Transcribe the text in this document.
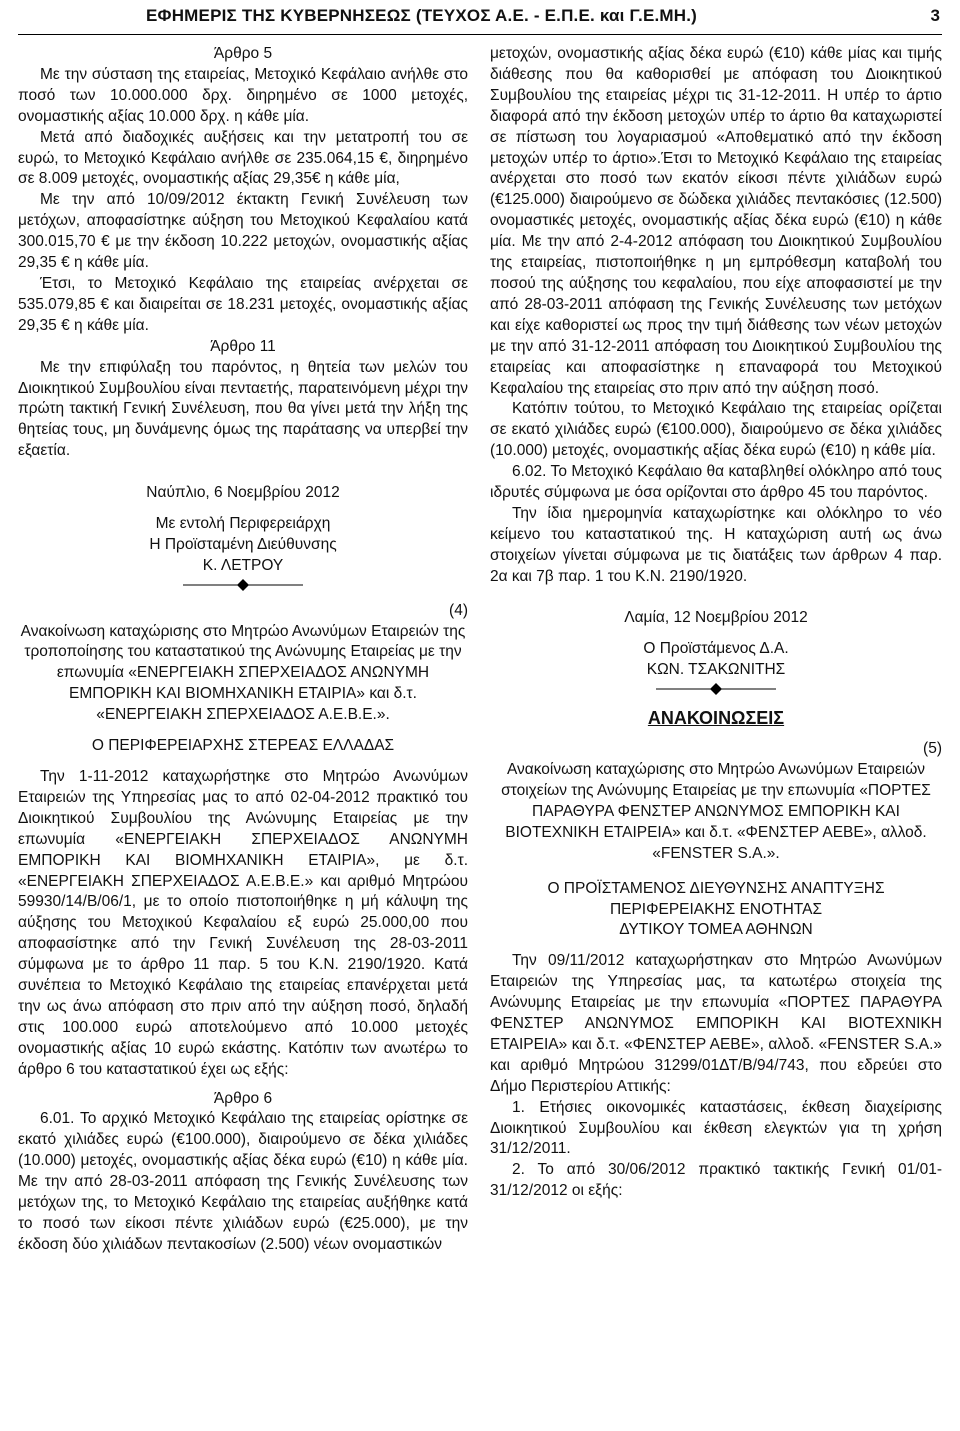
ΕΦΗΜΕΡΙΣ ΤΗΣ ΚΥΒΕΡΝΗΣΕΩΣ (ΤΕΥΧΟΣ Α.Ε. - Ε.Π.Ε. και Γ.Ε.ΜΗ.)	3

Άρθρο 5

Με την σύσταση της εταιρείας, Μετοχικό Κεφάλαιο ανήλθε στο ποσό των 10.000.000 δρχ. διηρημένο σε 1000 μετοχές, ονομαστικής αξίας 10.000 δρχ. η κάθε μία.

Μετά από διαδοχικές αυξήσεις και την μετατροπή του σε ευρώ, το Μετοχικό Κεφάλαιο ανήλθε σε 235.064,15 €, διηρημένο σε 8.009 μετοχές, ονομαστικής αξίας 29,35€ η κάθε μία,

Με την από 10/09/2012 έκτακτη Γενική Συνέλευση των μετόχων, αποφασίστηκε αύξηση του Μετοχικού Κεφαλαίου κατά 300.015,70 € με την έκδοση 10.222 μετοχών, ονομαστικής αξίας 29,35 € η κάθε μία.

Έτσι, το Μετοχικό Κεφάλαιο της εταιρείας ανέρχεται σε 535.079,85 € και διαιρείται σε 18.231 μετοχές, ονομαστικής αξίας 29,35 € η κάθε μία.

Άρθρο 11

Με την επιφύλαξη του παρόντος, η θητεία των μελών του Διοικητικού Συμβουλίου είναι πενταετής, παρατεινόμενη μέχρι την πρώτη τακτική Γενική Συνέλευση, που θα γίνει μετά την λήξη της θητείας τους, μη δυνάμενης όμως της παράτασης να υπερβεί την εξαετία.

Ναύπλιο, 6 Νοεμβρίου 2012

Με εντολή Περιφερειάρχη

Η Προϊσταμένη Διεύθυνσης

Κ. ΛΕΤΡΟΥ

(4)

Ανακοίνωση καταχώρισης στο Μητρώο Ανωνύμων Εταιρειών της τροποποίησης του καταστατικού της Ανώνυμης Εταιρείας με την επωνυμία «ΕΝΕΡΓΕΙΑΚΗ ΣΠΕΡΧΕΙΑΔΟΣ ΑΝΩΝΥΜΗ ΕΜΠΟΡΙΚΗ ΚΑΙ ΒΙΟΜΗΧΑΝΙΚΗ ΕΤΑΙΡΙΑ» και δ.τ. «ΕΝΕΡΓΕΙΑΚΗ ΣΠΕΡΧΕΙΑΔΟΣ Α.Ε.Β.Ε.».

Ο ΠΕΡΙΦΕΡΕΙΑΡΧΗΣ ΣΤΕΡΕΑΣ ΕΛΛΑΔΑΣ

Την 1-11-2012 καταχωρήστηκε στο Μητρώο Ανωνύμων Εταιρειών της Υπηρεσίας μας το από 02-04-2012 πρακτικό του Διοικητικού Συμβουλίου της Ανώνυμης Εταιρείας με την επωνυμία «ΕΝΕΡΓΕΙΑΚΗ ΣΠΕΡΧΕΙΑΔΟΣ ΑΝΩΝΥΜΗ ΕΜΠΟΡΙΚΗ ΚΑΙ ΒΙΟΜΗΧΑΝΙΚΗ ΕΤΑΙΡΙΑ», με δ.τ. «ΕΝΕΡΓΕΙΑΚΗ ΣΠΕΡΧΕΙΑΔΟΣ Α.Ε.Β.Ε.» και αριθμό Μητρώου 59930/14/Β/06/1, με το οποίο πιστοποιήθηκε η μή κάλυψη της αύξησης του Μετοχικού Κεφαλαίου εξ ευρώ 25.000,00 που αποφασίστηκε από την Γενική Συνέλευση της 28-03-2011 σύμφωνα με το άρθρο 11 παρ. 5 του Κ.Ν. 2190/1920. Κατά συνέπεια το Μετοχικό Κεφάλαιο της εταιρείας επανέρχεται μετά την ως άνω απόφαση στο πριν από την αύξηση ποσό, δηλαδή στις 100.000 ευρώ αποτελούμενο από 10.000 μετοχές ονομαστικής αξίας 10 ευρώ εκάστης. Κατόπιν των ανωτέρω το άρθρο 6 του καταστατικού έχει ως εξής:

Άρθρο 6

6.01. Το αρχικό Μετοχικό Κεφάλαιο της εταιρείας ορίστηκε σε εκατό χιλιάδες ευρώ (€100.000), διαιρούμενο σε δέκα χιλιάδες (10.000) μετοχές, ονομαστικής αξίας δέκα ευρώ (€10) η κάθε μία. Με την από 28-03-2011 απόφαση της Γενικής Συνέλευσης των μετόχων της, το Μετοχικό Κεφάλαιο της εταιρείας αυξήθηκε κατά το ποσό των είκοσι πέντε χιλιάδων ευρώ (€25.000), με την έκδοση δύο χιλιάδων πεντακοσίων (2.500) νέων ονομαστικών

μετοχών, ονομαστικής αξίας δέκα ευρώ (€10) κάθε μίας και τιμής διάθεσης που θα καθορισθεί με απόφαση του Διοικητικού Συμβουλίου της εταιρείας μέχρι τις 31-12-2011. Η υπέρ το άρτιο διαφορά από την έκδοση μετοχών υπέρ το άρτιο θα καταχωριστεί σε πίστωση του λογαριασμού «Αποθεματικό από την έκδοση μετοχών υπέρ το άρτιο».Έτσι το Μετοχικό Κεφάλαιο της εταιρείας ανέρχεται στο ποσό των εκατόν είκοσι πέντε χιλιάδων ευρώ (€125.000) διαιρούμενο σε δώδεκα χιλιάδες πεντακόσιες (12.500) ονομαστικές μετοχές, ονομαστικής αξίας δέκα ευρώ (€10) η κάθε μία. Με την από 2-4-2012 απόφαση του Διοικητικού Συμβουλίου της εταιρείας, πιστοποιήθηκε η μη εμπρόθεσμη καταβολή του ποσού της αύξησης του κεφαλαίου, που είχε αποφασιστεί με την από 28-03-2011 απόφαση της Γενικής Συνέλευσης των μετόχων και είχε καθοριστεί ως προς την τιμή διάθεσης των νέων μετοχών με την από 31-12-2011 απόφαση του Διοικητικού Συμβουλίου της εταιρείας και αποφασίστηκε η επαναφορά του Μετοχικού Κεφαλαίου της εταιρείας στο πριν από την αύξηση ποσό.

Κατόπιν τούτου, το Μετοχικό Κεφάλαιο της εταιρείας ορίζεται σε εκατό χιλιάδες ευρώ (€100.000), διαιρούμενο σε δέκα χιλιάδες (10.000) μετοχές, ονομαστικής αξίας δέκα ευρώ (€10) η κάθε μία.

6.02. Το Μετοχικό Κεφάλαιο θα καταβληθεί ολόκληρο από τους ιδρυτές σύμφωνα με όσα ορίζονται στο άρθρο 45 του παρόντος.

Την ίδια ημερομηνία καταχωρίστηκε και ολόκληρο το νέο κείμενο του καταστατικού της. Η καταχώριση αυτή ως άνω στοιχείων γίνεται σύμφωνα με τις διατάξεις των άρθρων 4 παρ. 2α και 7β παρ. 1 του Κ.Ν. 2190/1920.

Λαμία, 12 Νοεμβρίου 2012

Ο Προϊστάμενος Δ.Α.

ΚΩΝ. ΤΣΑΚΩΝΙΤΗΣ

ΑΝΑΚΟΙΝΩΣΕΙΣ

(5)

Ανακοίνωση καταχώρισης στο Μητρώο Ανωνύμων Εταιρειών στοιχείων της Ανώνυμης Εταιρείας με την επωνυμία «ΠΟΡΤΕΣ ΠΑΡΑΘΥΡΑ ΦΕΝΣΤΕΡ ΑΝΩΝΥΜΟΣ ΕΜΠΟΡΙΚΗ ΚΑΙ ΒΙΟΤΕΧΝΙΚΗ ΕΤΑΙΡΕΙΑ» και δ.τ. «ΦΕΝΣΤΕΡ ΑΕΒΕ», αλλοδ. «FENSTER S.A.».

Ο ΠΡΟΪΣΤΑΜΕΝΟΣ ΔΙΕΥΘΥΝΣΗΣ ΑΝΑΠΤΥΞΗΣ

ΠΕΡΙΦΕΡΕΙΑΚΗΣ ΕΝΟΤΗΤΑΣ

ΔΥΤΙΚΟΥ ΤΟΜΕΑ ΑΘΗΝΩΝ

Την 09/11/2012 καταχωρήστηκαν στο Μητρώο Ανωνύμων Εταιρειών της Υπηρεσίας μας, τα κατωτέρω στοιχεία της Ανώνυμης Εταιρείας με την επωνυμία «ΠΟΡΤΕΣ ΠΑΡΑΘΥΡΑ ΦΕΝΣΤΕΡ ΑΝΩΝΥΜΟΣ ΕΜΠΟΡΙΚΗ ΚΑΙ ΒΙΟΤΕΧΝΙΚΗ ΕΤΑΙΡΕΙΑ» και δ.τ. «ΦΕΝΣΤΕΡ ΑΕΒΕ», αλλοδ. «FENSTER S.A.» και αριθμό Μητρώου 31299/01ΔΤ/Β/94/743, που εδρεύει στο Δήμο Περιστερίου Αττικής:

1. Ετήσιες οικονομικές καταστάσεις, έκθεση διαχείρισης Διοικητικού Συμβουλίου και έκθεση ελεγκτών για τη χρήση 31/12/2011.

2. Το από 30/06/2012 πρακτικό τακτικής Γενική 01/01-31/12/2012 οι εξής:
